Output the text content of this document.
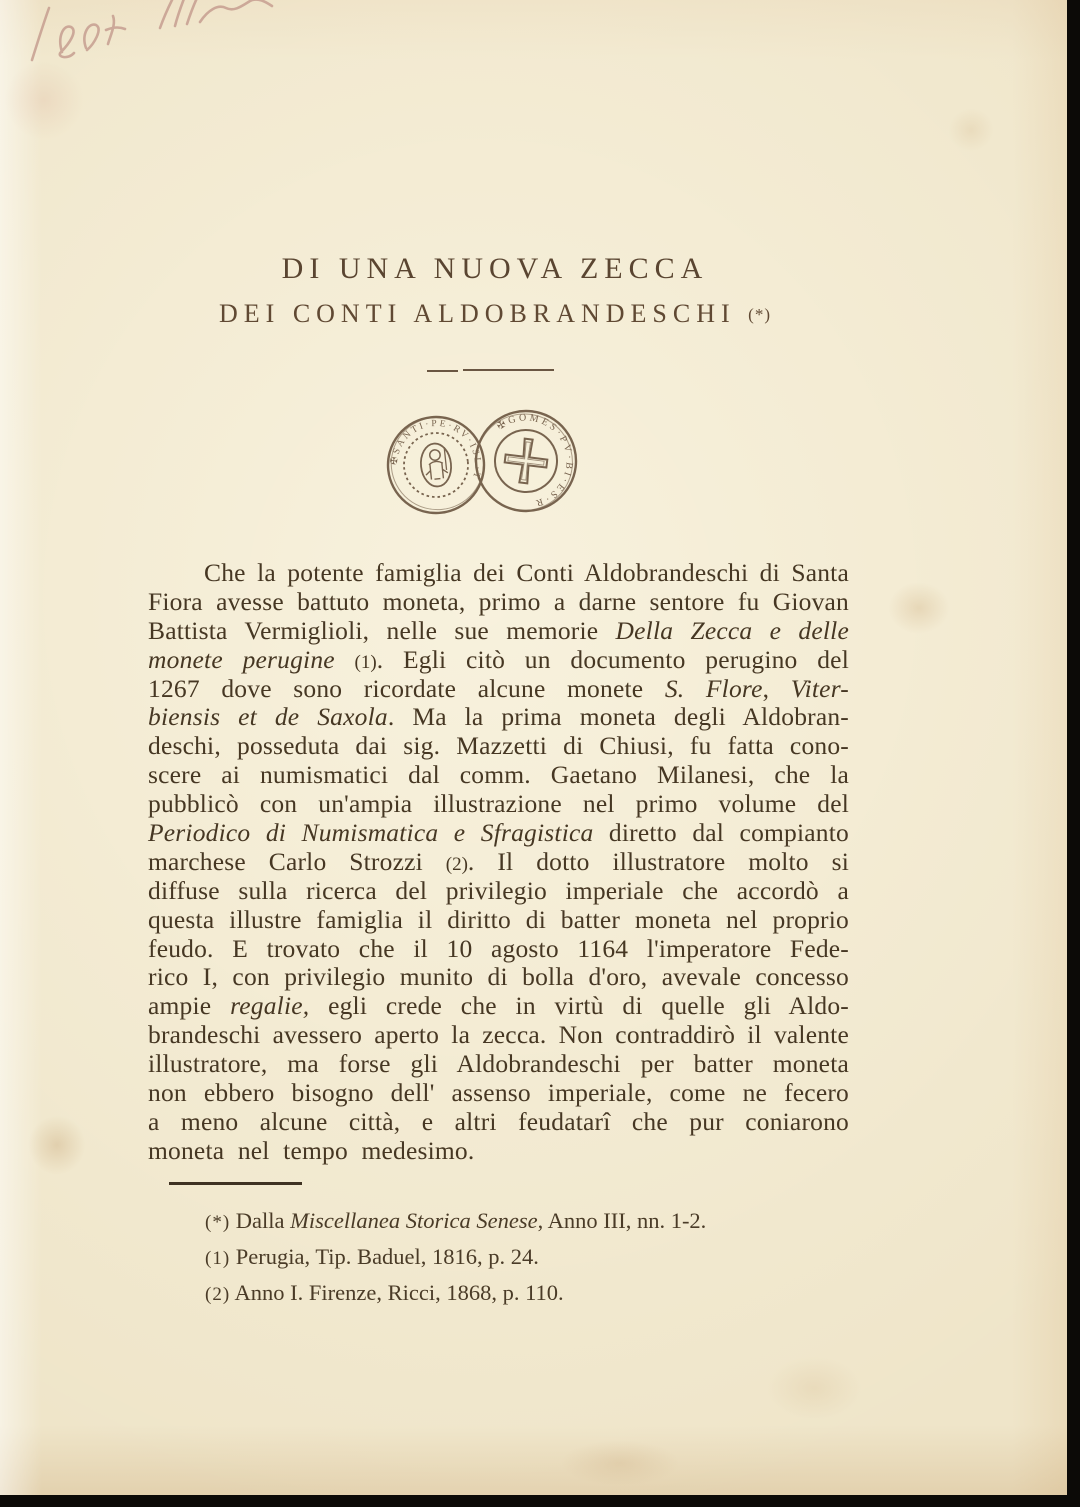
DI UNA NUOVA ZECCA
DEI CONTI ALDOBRANDESCHI (*)
✠SANTI·PE·RV·ISL·T
✠GOMES·PV·BI·ES·R
Che la potente famiglia dei Conti Aldobrandeschi di Santa
Fiora avesse battuto moneta, primo a darne sentore fu Giovan
Battista Vermiglioli, nelle sue memorie Della Zecca e delle
monete perugine (1). Egli citò un documento perugino del
1267 dove sono ricordate alcune monete S. Flore, Viter-
biensis et de Saxola. Ma la prima moneta degli Aldobran-
deschi, posseduta dai sig. Mazzetti di Chiusi, fu fatta cono-
scere ai numismatici dal comm. Gaetano Milanesi, che la
pubblicò con un'ampia illustrazione nel primo volume del
Periodico di Numismatica e Sfragistica diretto dal compianto
marchese Carlo Strozzi (2). Il dotto illustratore molto si
diffuse sulla ricerca del privilegio imperiale che accordò a
questa illustre famiglia il diritto di batter moneta nel proprio
feudo. E trovato che il 10 agosto 1164 l'imperatore Fede-
rico I, con privilegio munito di bolla d'oro, avevale concesso
ampie regalie, egli crede che in virtù di quelle gli Aldo-
brandeschi avessero aperto la zecca. Non contraddirò il valente
illustratore, ma forse gli Aldobrandeschi per batter moneta
non ebbero bisogno dell' assenso imperiale, come ne fecero
a meno alcune città, e altri feudatarî che pur coniarono
moneta nel tempo medesimo.
(*) Dalla Miscellanea Storica Senese, Anno III, nn. 1-2.
(1) Perugia, Tip. Baduel, 1816, p. 24.
(2) Anno I. Firenze, Ricci, 1868, p. 110.
